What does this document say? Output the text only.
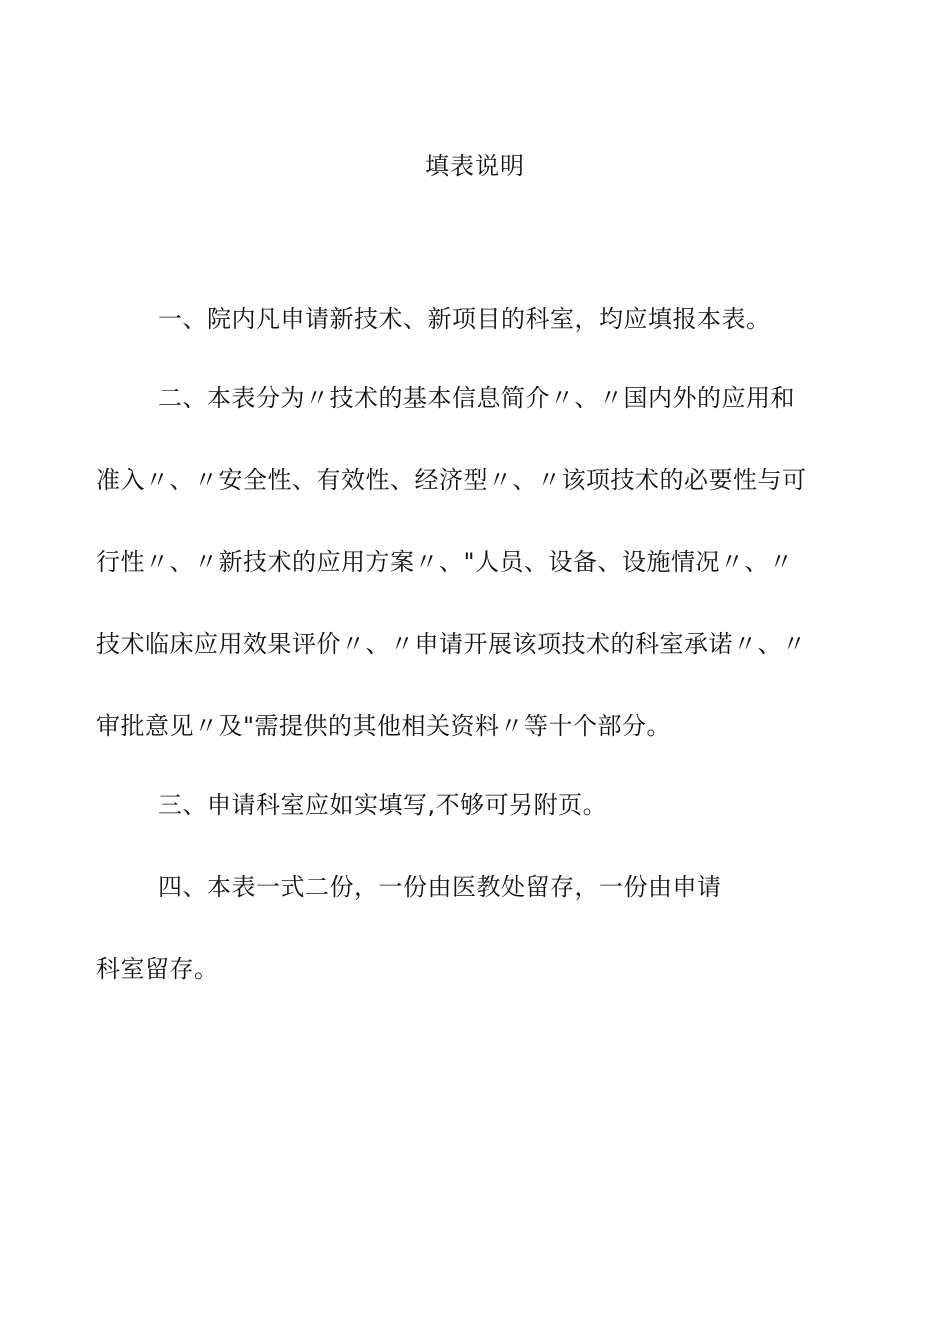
填表说明
一、院内凡申请新技术、新项目的科室，均应填报本表。
二、本表分为〃技术的基本信息简介〃、〃国内外的应用和
准入〃、〃安全性、有效性、经济型〃、〃该项技术的必要性与可
行性〃、〃新技术的应用方案〃、"人员、设备、设施情况〃、〃
技术临床应用效果评价〃、〃申请开展该项技术的科室承诺〃、〃
审批意见〃及"需提供的其他相关资料〃等十个部分。
三、申请科室应如实填写,不够可另附页。
四、本表一式二份，一份由医教处留存，一份由申请
科室留存。
